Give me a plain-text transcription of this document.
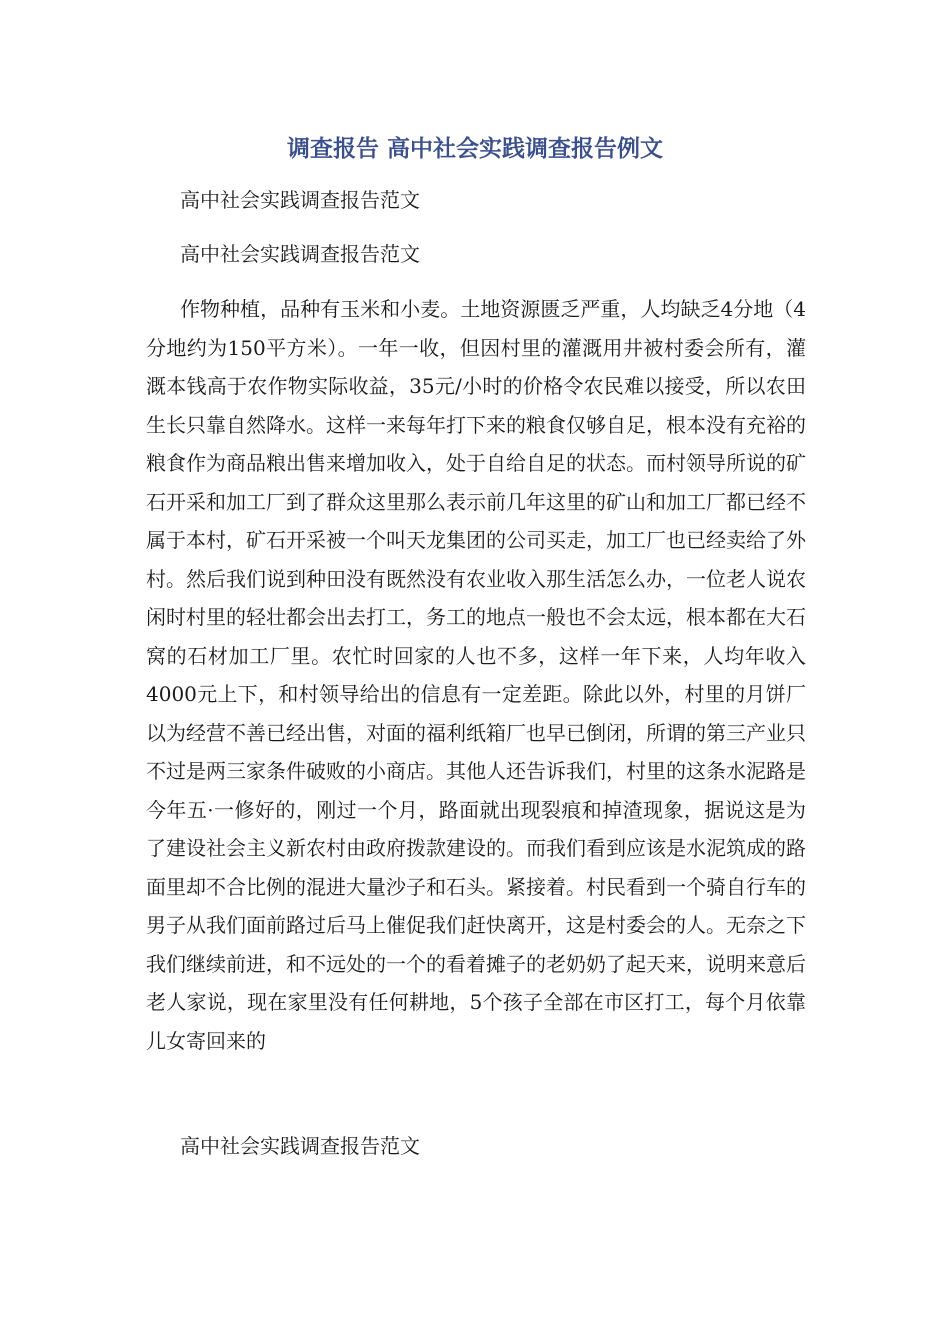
调查报告 高中社会实践调查报告例文
高中社会实践调查报告范文
高中社会实践调查报告范文

作物种植，品种有玉米和小麦。土地资源匮乏严重，人均缺乏4分地（4分地约为150平方米）。一年一收，但因村里的灌溉用井被村委会所有，灌溉本钱高于农作物实际收益，35元/小时的价格令农民难以接受，所以农田生长只靠自然降水。这样一来每年打下来的粮食仅够自足，根本没有充裕的粮食作为商品粮出售来增加收入，处于自给自足的状态。而村领导所说的矿石开采和加工厂到了群众这里那么表示前几年这里的矿山和加工厂都已经不属于本村，矿石开采被一个叫天龙集团的公司买走，加工厂也已经卖给了外村。然后我们说到种田没有既然没有农业收入那生活怎么办，一位老人说农闲时村里的轻壮都会出去打工，务工的地点一般也不会太远，根本都在大石窝的石材加工厂里。农忙时回家的人也不多，这样一年下来，人均年收入4000元上下，和村领导给出的信息有一定差距。除此以外，村里的月饼厂以为经营不善已经出售，对面的福利纸箱厂也早已倒闭，所谓的第三产业只不过是两三家条件破败的小商店。其他人还告诉我们，村里的这条水泥路是今年五·一修好的，刚过一个月，路面就出现裂痕和掉渣现象，据说这是为了建设社会主义新农村由政府拨款建设的。而我们看到应该是水泥筑成的路面里却不合比例的混进大量沙子和石头。紧接着。村民看到一个骑自行车的男子从我们面前路过后马上催促我们赶快离开，这是村委会的人。无奈之下我们继续前进，和不远处的一个的看着摊子的老奶奶了起天来，说明来意后老人家说，现在家里没有任何耕地，5个孩子全部在市区打工，每个月依靠儿女寄回来的

高中社会实践调查报告范文
